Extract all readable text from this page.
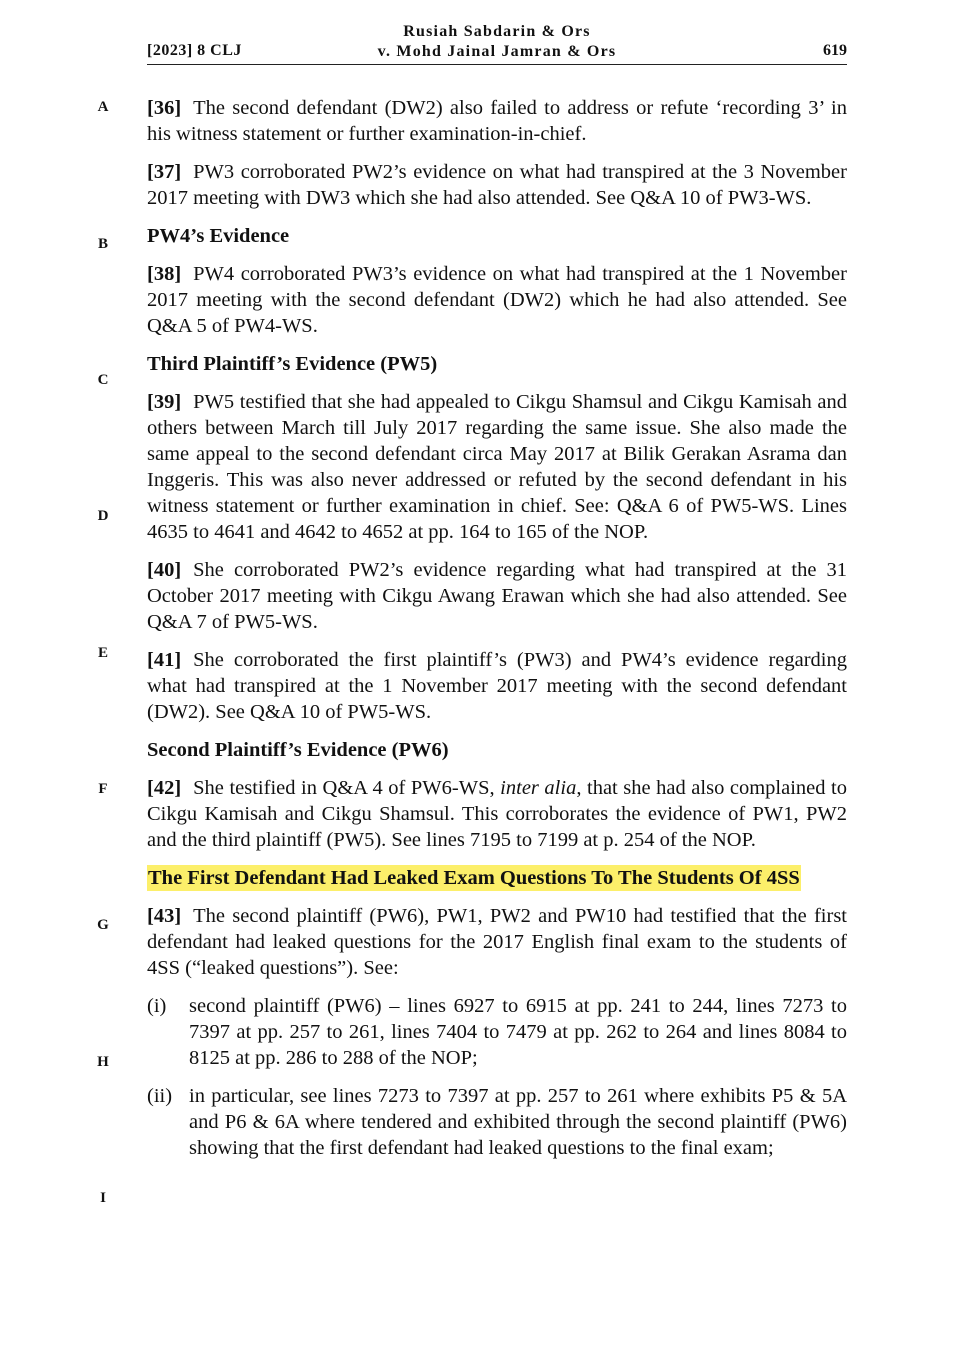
[2023] 8 CLJ
Rusiah Sabdarin & Ors
v. Mohd Jainal Jamran & Ors	619
A
B
C
D
E
F
G
H
I

[36] The second defendant (DW2) also failed to address or refute ‘recording 3’ in his witness statement or further examination-in-chief.

[37] PW3 corroborated PW2’s evidence on what had transpired at the 3 November 2017 meeting with DW3 which she had also attended. See Q&A 10 of PW3-WS.

PW4’s Evidence

[38] PW4 corroborated PW3’s evidence on what had transpired at the 1 November 2017 meeting with the second defendant (DW2) which he had also attended. See Q&A 5 of PW4-WS.

Third Plaintiff’s Evidence (PW5)

[39] PW5 testified that she had appealed to Cikgu Shamsul and Cikgu Kamisah and others between March till July 2017 regarding the same issue. She also made the same appeal to the second defendant circa May 2017 at Bilik Gerakan Asrama dan Inggeris. This was also never addressed or refuted by the second defendant in his witness statement or further examination in chief. See: Q&A 6 of PW5-WS. Lines 4635 to 4641 and 4642 to 4652 at pp. 164 to 165 of the NOP.

[40] She corroborated PW2’s evidence regarding what had transpired at the 31 October 2017 meeting with Cikgu Awang Erawan which she had also attended. See Q&A 7 of PW5-WS.

[41] She corroborated the first plaintiff’s (PW3) and PW4’s evidence regarding what had transpired at the 1 November 2017 meeting with the second defendant (DW2). See Q&A 10 of PW5-WS.

Second Plaintiff’s Evidence (PW6)

[42] She testified in Q&A 4 of PW6-WS, inter alia, that she had also complained to Cikgu Kamisah and Cikgu Shamsul. This corroborates the evidence of PW1, PW2 and the third plaintiff (PW5). See lines 7195 to 7199 at p. 254 of the NOP.

The First Defendant Had Leaked Exam Questions To The Students Of 4SS

[43] The second plaintiff (PW6), PW1, PW2 and PW10 had testified that the first defendant had leaked questions for the 2017 English final exam to the students of 4SS (“leaked questions”). See:

(i)	second plaintiff (PW6) – lines 6927 to 6915 at pp. 241 to 244, lines 7273 to 7397 at pp. 257 to 261, lines 7404 to 7479 at pp. 262 to 264 and lines 8084 to 8125 at pp. 286 to 288 of the NOP;
(ii) in particular, see lines 7273 to 7397 at pp. 257 to 261 where exhibits P5 & 5A and P6 & 6A where tendered and exhibited through the second plaintiff (PW6) showing that the first defendant had leaked questions to the final exam;
